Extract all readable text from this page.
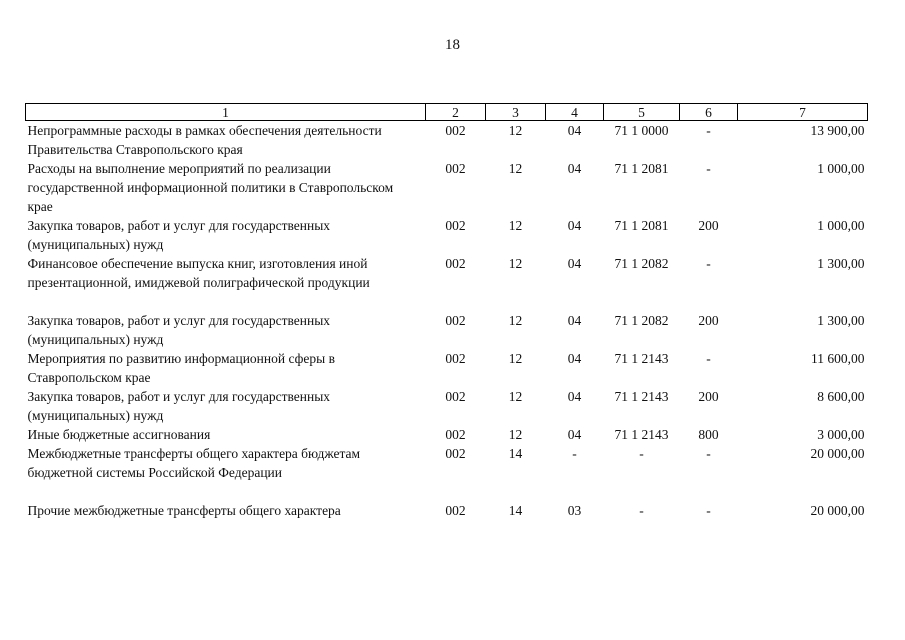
18
1	2	3	4	5	6	7
Непрограммные расходы в рамках обеспечения деятельности Правительства Ставропольского края	002	12	04	71 1 0000	-	13 900,00
Расходы на выполнение мероприятий по реализации государственной информационной политики в Ставропольском крае	002	12	04	71 1 2081	-	1 000,00
Закупка товаров, работ и услуг для государственных (муниципальных) нужд	002	12	04	71 1 2081	200	1 000,00
Финансовое обеспечение выпуска книг, изготовления иной презентационной, имиджевой полиграфической продукции	002	12	04	71 1 2082	-	1 300,00
Закупка товаров, работ и услуг для государственных (муниципальных) нужд	002	12	04	71 1 2082	200	1 300,00
Мероприятия по развитию информационной сферы в Ставропольском крае	002	12	04	71 1 2143	-	11 600,00
Закупка товаров, работ и услуг для государственных (муниципальных) нужд	002	12	04	71 1 2143	200	8 600,00
Иные бюджетные ассигнования	002	12	04	71 1 2143	800	3 000,00
Межбюджетные трансферты общего характера бюджетам бюджетной системы Российской Федерации	002	14	-	-	-	20 000,00
Прочие межбюджетные трансферты общего характера	002	14	03	-	-	20 000,00
